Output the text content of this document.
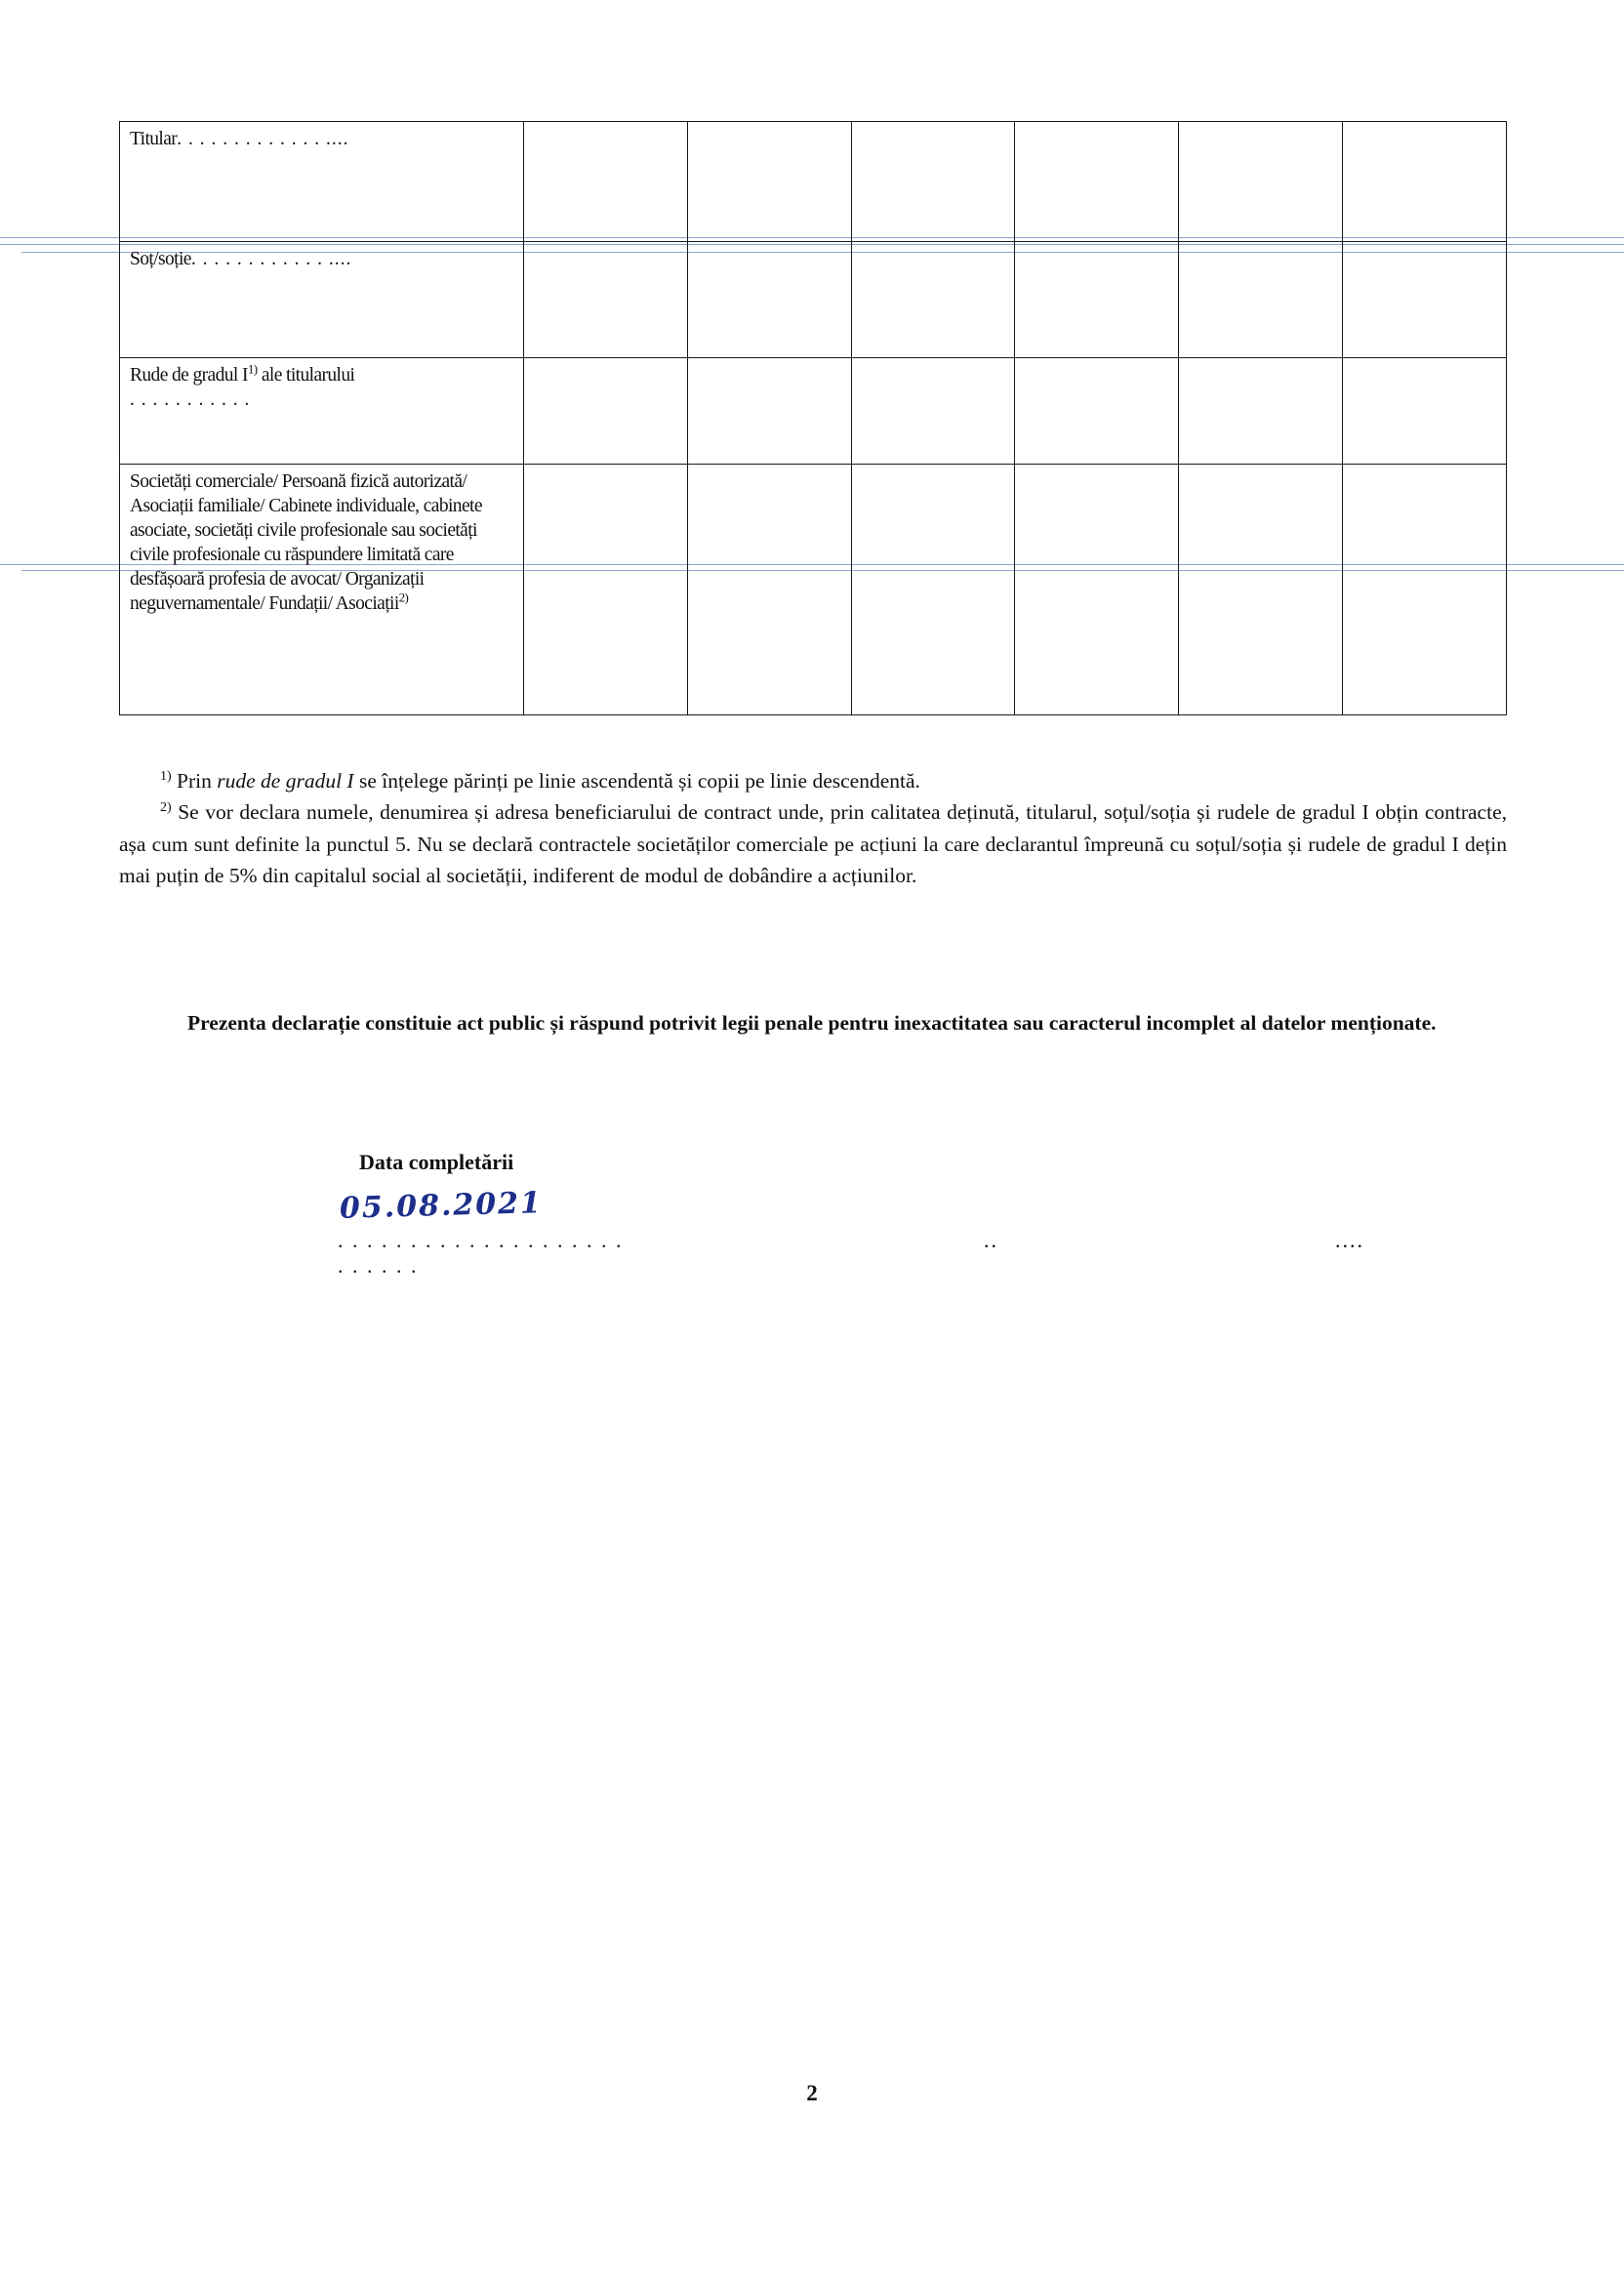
Titular. . . . . . . . . . . . . ....						

Soț/soție. . . . . . . . . . . . ....						

Rude de gradul I$^{1)}$ ale titularului
. . . . . . . . . . .						

Societăți comerciale/ Persoană fizică autorizată/ Asociații familiale/ Cabinete individuale, cabinete asociate, societăți civile profesionale sau societăți civile profesionale cu răspundere limitată care desfășoară profesia de avocat/ Organizații neguvernamentale/ Fundații/ Asociații$^{2)}$

$^{1)}$ Prin rude de gradul I se înțelege părinți pe linie ascendentă și copii pe linie descendentă.

$^{2)}$ Se vor declara numele, denumirea și adresa beneficiarului de contract unde, prin calitatea deținută, titularul, soțul/soția și rudele de gradul I obțin contracte, așa cum sunt definite la punctul 5. Nu se declară contractele societăților comerciale pe acțiuni la care declarantul împreună cu soțul/soția și rudele de gradul I dețin mai puțin de 5% din capitalul social al societății, indiferent de modul de dobândire a acțiunilor.

Prezenta declarație constituie act public și răspund potrivit legii penale pentru inexactitatea sau caracterul incomplet al datelor menționate.
Data completării
. . . . . . . . . . . . . . . . . . . . . . . . . .
05.08.2021
..	....
2
